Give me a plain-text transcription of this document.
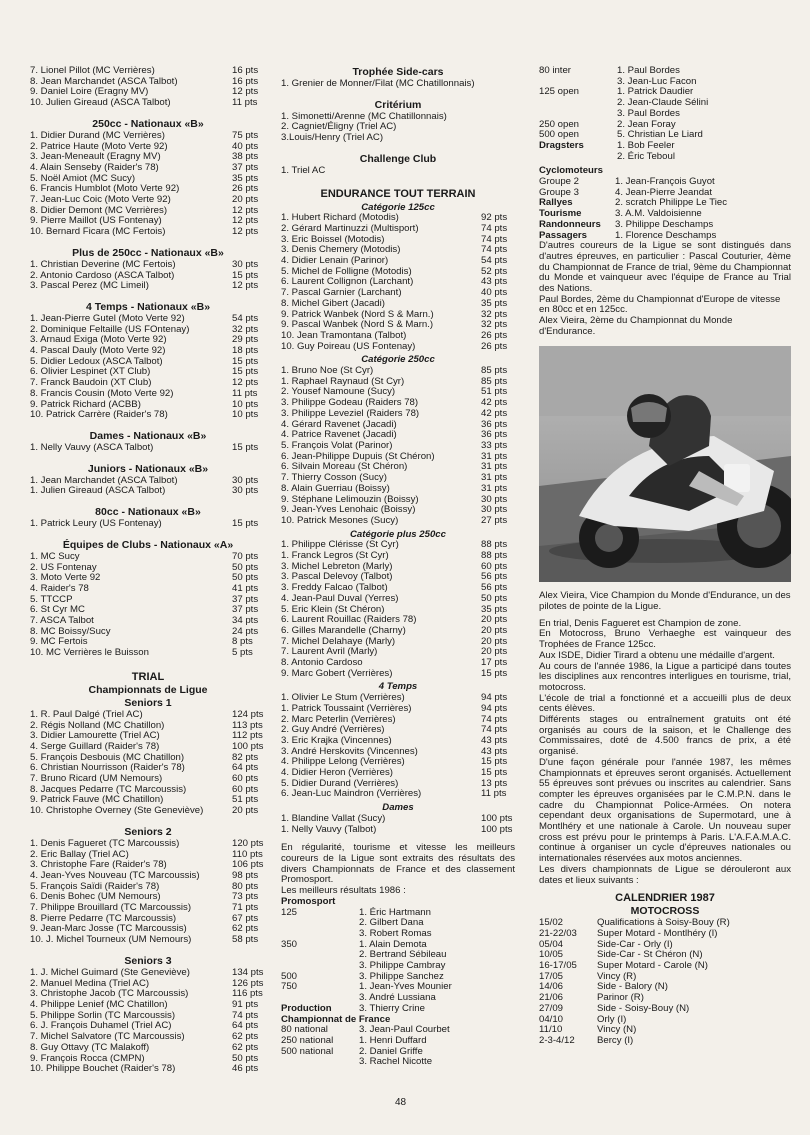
7. Lionel Pillot (MC Verrières)	16 pts
8. Jean Marchandet (ASCA Talbot)	16 pts
9. Daniel Loire (Éragny MV)	12 pts
10. Julien Gireaud (ASCA Talbot)	11 pts
250cc - Nationaux «B»
1. Didier Durand (MC Verrières)	75 pts
2. Patrice Haute (Moto Verte 92)	40 pts
3. Jean-Meneault (Éragny MV)	38 pts
4. Alain Senseby (Raider's 78)	37 pts
5. Noël Amiot (MC Sucy)	35 pts
6. Francis Humblot (Moto Verte 92)	26 pts
7. Jean-Luc Coic (Moto Verte 92)	20 pts
8. Didier Demont (MC Verrières)	12 pts
9. Pierre Maillot (US Fontenay)	12 pts
10. Bernard Ficara (MC Fertois)	12 pts
Plus de 250cc - Nationaux «B»
1. Christian Deverine (MC Fertois)	30 pts
2. Antonio Cardoso (ASCA Talbot)	15 pts
3. Pascal Perez (MC Limeil)	12 pts
4 Temps - Nationaux «B»
1. Jean-Pierre Gutel (Moto Verte 92)	54 pts
2. Dominique Feltaille (US FOntenay)	32 pts
3. Arnaud Exiga (Moto Verte 92)	29 pts
4. Pascal Dauly (Moto Verte 92)	18 pts
5. Didier Ledoux (ASCA Talbot)	15 pts
6. Olivier Lespinet (XT Club)	15 pts
7. Franck Baudoin (XT Club)	12 pts
8. Francis Cousin (Moto Verte 92)	11 pts
9. Patrick Richard (ACBB)	10 pts
10. Patrick Carrère (Raider's 78)	10 pts
Dames - Nationaux «B»
1. Nelly Vauvy (ASCA Talbot)	15 pts
Juniors - Nationaux «B»
1. Jean Marchandet (ASCA Talbot)	30 pts
1. Julien Gireaud (ASCA Talbot)	30 pts
80cc - Nationaux «B»
1. Patrick Leury (US Fontenay)	15 pts
Équipes de Clubs - Nationaux «A»
1. MC Sucy	70 pts
2. US Fontenay	50 pts
3. Moto Verte 92	50 pts
4. Raider's 78	41 pts
5. TTCCP	37 pts
6. St Cyr MC	37 pts
7. ASCA Talbot	34 pts
8. MC Boissy/Sucy	24 pts
9. MC Fertois	8 pts
10. MC Verrières le Buisson	5 pts
TRIAL
Championnats de Ligue
Seniors 1
1. R. Paul Dalgé (Triel AC)	124 pts
2. Régis Nolland (MC Chatillon)	113 pts
3. Didier Lamourette (Triel AC)	112 pts
4. Serge Guillard (Raider's 78)	100 pts
5. François Desbouis (MC Chatillon)	82 pts
6. Christian Nourrisson (Raider's 78)	64 pts
7. Bruno Ricard (UM Nemours)	60 pts
8. Jacques Pedarre (TC Marcoussis)	60 pts
9. Patrick Fauve (MC Chatillon)	51 pts
10. Christophe Overney (Ste Geneviève)	20 pts
Seniors 2
1. Denis Fagueret (TC Marcoussis)	120 pts
2. Éric Ballay (Triel AC)	110 pts
3. Christophe Fare (Raider's 78)	106 pts
4. Jean-Yves Nouveau (TC Marcoussis)	98 pts
5. François Saïdi (Raider's 78)	80 pts
6. Denis Bohec (UM Nemours)	73 pts
7. Philippe Brouillard (TC Marcoussis)	71 pts
8. Pierre Pedarre (TC Marcoussis)	67 pts
9. Jean-Marc Josse (TC Marcoussis)	62 pts
10. J. Michel Tourneux (UM Nemours)	58 pts
Seniors 3
1. J. Michel Guimard (Ste Geneviève)	134 pts
2. Manuel Medina (Triel AC)	126 pts
3. Christophe Jacob (TC Marcoussis)	116 pts
4. Philippe Lenief (MC Chatillon)	91 pts
5. Philippe Sorlin (TC Marcoussis)	74 pts
6. J. François Duhamel (Triel AC)	64 pts
7. Michel Salvatore (TC Marcoussis)	62 pts
8. Guy Ottavy (TC Malakoff)	62 pts
9. François Rocca (CMPN)	50 pts
10. Philippe Bouchet (Raider's 78)	46 pts
Trophée Side-cars
1. Grenier de Monner/Filat (MC Chatillonnais)
Critérium
1. Simonetti/Arenne (MC Chatillonnais)
2. Cagniet/Éligny (Triel AC)
3.Louis/Henry (Triel AC)
Challenge Club
1. Triel AC
ENDURANCE TOUT TERRAIN
Catégorie 125cc
1. Hubert Richard (Motodis)	92 pts
2. Gérard Martinuzzi (Multisport)	74 pts
3. Éric Boissel (Motodis)	74 pts
3. Denis Chemery (Motodis)	74 pts
4. Didier Lenain (Parinor)	54 pts
5. Michel de Folligne (Motodis)	52 pts
6. Laurent Collignon (Larchant)	43 pts
7. Pascal Garnier (Larchant)	40 pts
8. Michel Gibert (Jacadi)	35 pts
9. Patrick Wanbek (Nord S & Marn.)	32 pts
9. Pascal Wanbek (Nord S & Marn.)	32 pts
10. Jean Tramontana (Talbot)	26 pts
10. Guy Poireau (US Fontenay)	26 pts
Catégorie 250cc
1. Bruno Noe (St Cyr)	85 pts
1. Raphael Raynaud (St Cyr)	85 pts
2. Yousef Namoune (Sucy)	51 pts
3. Philippe Godeau (Raiders 78)	42 pts
3. Philippe Leveziel (Raiders 78)	42 pts
4. Gérard Ravenet (Jacadi)	36 pts
4. Patrice Ravenet (Jacadi)	36 pts
5. François Volat (Parinor)	33 pts
6. Jean-Philippe Dupuis (St Chéron)	31 pts
6. Silvain Moreau (St Chéron)	31 pts
7. Thierry Cosson (Sucy)	31 pts
8. Alain Guerriau (Boissy)	31 pts
9. Stéphane Lelimouzin (Boissy)	30 pts
9. Jean-Yves Lenohaic (Boissy)	30 pts
10. Patrick Mesones (Sucy)	27 pts
Catégorie plus 250cc
1. Philippe Clérisse (St Cyr)	88 pts
1. Franck Legros (St Cyr)	88 pts
3. Michel Lebreton (Marly)	60 pts
3. Pascal Delevoy (Talbot)	56 pts
3. Freddy Falcao (Talbot)	56 pts
4. Jean-Paul Duval (Yerres)	50 pts
5. Éric Klein (St Chéron)	35 pts
6. Laurent Rouillac (Raiders 78)	20 pts
6. Gilles Marandelle (Charny)	20 pts
7. Michel Delahaye (Marly)	20 pts
7. Laurent Avril (Marly)	20 pts
8. Antonio Cardoso	17 pts
9. Marc Gobert (Verrières)	15 pts
4 Temps
1. Olivier Le Stum (Verrières)	94 pts
1. Patrick Toussaint (Verrières)	94 pts
2. Marc Peterlin (Verrières)	74 pts
2. Guy André (Verrières)	74 pts
3. Éric Krajka (Vincennes)	43 pts
3. André Herskovits (Vincennes)	43 pts
4. Philippe Lelong (Verrières)	15 pts
4. Didier Heron (Verrières)	15 pts
5. Didier Durand (Verrières)	13 pts
6. Jean-Luc Maindron (Verrières)	11 pts
Dames
1. Blandine Vallat (Sucy)	100 pts
1. Nelly Vauvy (Talbot)	100 pts
En régularité, tourisme et vitesse les meilleurs coureurs de la Ligue sont extraits des résultats des divers Championnats de France et des classement Promosport.
Les meilleurs résultats 1986 :
Promosport
125	1. Éric Hartmann
2. Gilbert Dana
3. Robert Romas
350	1. Alain Demota
2. Bertrand Sébileau
3. Philippe Cambray
500	3. Philippe Sanchez
750	1. Jean-Yves Mounier
3. André Lussiana
Production	3. Thierry Crine
Championnat de France
80 national	3. Jean-Paul Courbet
250 national	1. Henri Duffard
500 national	2. Daniel Griffe
3. Rachel Nicotte
80 inter	1. Paul Bordes
3. Jean-Luc Facon
125 open	1. Patrick Daudier
2. Jean-Claude Sélini
3. Paul Bordes
250 open	2. Jean Foray
500 open	5. Christian Le Liard
Dragsters	1. Bob Feeler
2. Éric Teboul
Cyclomoteurs
Groupe 2	1. Jean-François Guyot
Groupe 3	4. Jean-Pierre Jeandat
Rallyes	2. scratch Philippe Le Tiec
Tourisme	3. A.M. Valdoisienne
Randonneurs	3. Philippe Deschamps
Passagers	1. Florence Deschamps
D'autres coureurs de la Ligue se sont distingués dans d'autres épreuves, en particulier : Pascal Couturier, 4ème du Championnat de France de trial, 9ème du Championnat du Monde et vainqueur avec l'équipe de France au Trial des Nations.
Paul Bordes, 2ème du Championnat d'Europe de vitesse en 80cc et en 125cc.
Alex Vieira, 2ème du Championnat du Monde d'Endurance.
Alex Vieira, Vice Champion du Monde d'Endurance, un des pilotes de pointe de la Ligue.
En trial, Denis Fagueret est Champion de zone.
En Motocross, Bruno Verhaeghe est vainqueur des Trophées de France 125cc.
Aux ISDE, Didier Tirard a obtenu une médaille d'argent.
Au cours de l'année 1986, la Ligue a participé dans toutes les disciplines aux rencontres interligues en tourisme, trial, motocross.
L'école de trial a fonctionné et a accueilli plus de deux cents élèves.
Différents stages ou entraînement gratuits ont été organisés au cours de la saison, et le Challenge des Commissaires, doté de 4.500 francs de prix, a été organisé.
D'une façon générale pour l'année 1987, les mêmes Championnats et épreuves seront organisés. Actuellement 55 épreuves sont prévues ou inscrites au calendrier. Sans compter les épreuves organisées par le C.M.P.N. dans le cadre du Championnat Police-Armées. On notera cependant deux organisations de Supermotard, une à Montlhéry et une nationale à Carole. Un nouveau super cross est prévu pour le printemps à Paris. L'A.F.A.M.A.C. continue à organiser un cycle d'épreuves nationales ou internationales réservées aux motos anciennes.
Les divers championnats de Ligue se dérouleront aux dates et lieux suivants :
CALENDRIER 1987
MOTOCROSS
15/02	Qualifications à Soisy-Bouy (R)
21-22/03	Super Motard - Montlhéry (I)
05/04	Side-Car - Orly (I)
10/05	Side-Car - St Chéron (N)
16-17/05	Super Motard - Carole (N)
17/05	Vincy (R)
14/06	Side - Balory (N)
21/06	Parinor (R)
27/09	Side - Soisy-Bouy (N)
04/10	Orly (I)
11/10	Vincy (N)
2-3-4/12	Bercy (I)
48
